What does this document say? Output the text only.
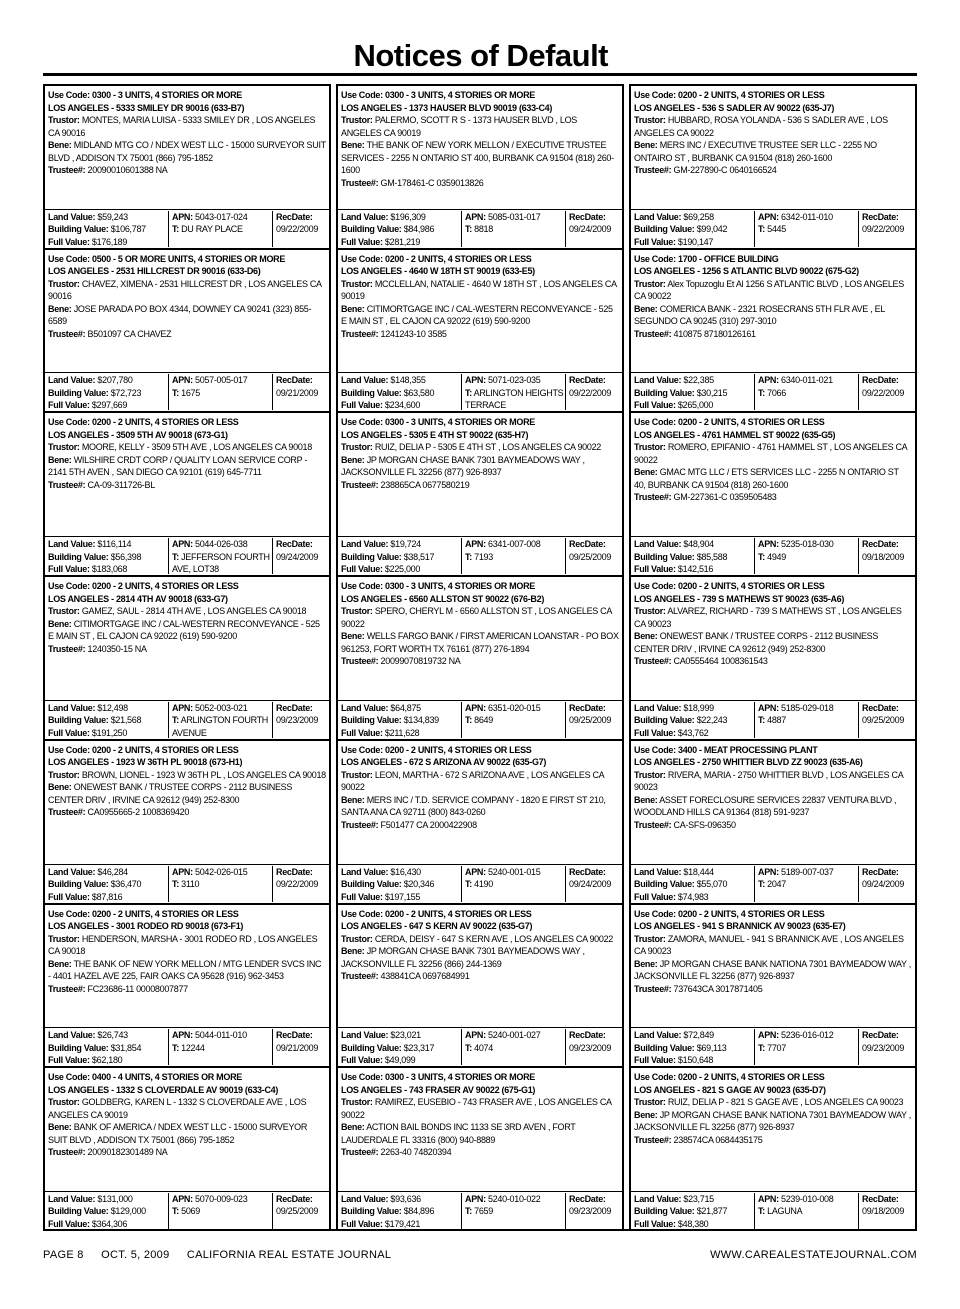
Notices of Default
Use Code: 0300 - 3 UNITS, 4 STORIES OR MORE
LOS ANGELES - 5333 SMILEY DR 90016 (633-B7)
Trustor: MONTES, MARIA LUISA - 5333 SMILEY DR , LOS ANGELES CA 90016
Bene: MIDLAND MTG CO / NDEX WEST LLC - 15000 SURVEYOR SUIT BLVD , ADDISON TX 75001 (866) 795-1852
Trustee#: 20090010601388 NA
Land Value: $59,243
Building Value: $106,787
Full Value: $176,189
APN: 5043-017-024
T: DU RAY PLACE
RecDate:
09/22/2009
Use Code: 0500 - 5 OR MORE UNITS, 4 STORIES OR MORE
LOS ANGELES - 2531 HILLCREST DR 90016 (633-D6)
Trustor: CHAVEZ, XIMENA - 2531 HILLCREST DR , LOS ANGELES CA 90016
Bene: JOSE PARADA PO BOX 4344, DOWNEY CA 90241 (323) 855-6589
Trustee#: B501097 CA CHAVEZ
Land Value: $207,780
Building Value: $72,723
Full Value: $297,669
APN: 5057-005-017
T: 1675
RecDate:
09/21/2009
Use Code: 0200 - 2 UNITS, 4 STORIES OR LESS
LOS ANGELES - 3509 5TH AV 90018 (673-G1)
Trustor: MOORE, KELLY - 3509 5TH AVE , LOS ANGELES CA 90018
Bene: WILSHIRE CRDT CORP / QUALITY LOAN SERVICE CORP - 2141 5TH AVEN , SAN DIEGO CA 92101 (619) 645-7711
Trustee#: CA-09-311726-BL
Land Value: $116,114
Building Value: $56,398
Full Value: $183,068
APN: 5044-026-038
T: JEFFERSON FOURTH AVE, LOT38
RecDate:
09/24/2009
Use Code: 0200 - 2 UNITS, 4 STORIES OR LESS
LOS ANGELES - 2814 4TH AV 90018 (633-G7)
Trustor: GAMEZ, SAUL - 2814 4TH AVE , LOS ANGELES CA 90018
Bene: CITIMORTGAGE INC / CAL-WESTERN RECONVEYANCE - 525 E MAIN ST , EL CAJON CA 92022 (619) 590-9200
Trustee#: 1240350-15 NA
Land Value: $12,498
Building Value: $21,568
Full Value: $191,250
APN: 5052-003-021
T: ARLINGTON FOURTH AVENUE
RecDate:
09/23/2009
Use Code: 0200 - 2 UNITS, 4 STORIES OR LESS
LOS ANGELES - 1923 W 36TH PL 90018 (673-H1)
Trustor: BROWN, LIONEL - 1923 W 36TH PL , LOS ANGELES CA 90018
Bene: ONEWEST BANK / TRUSTEE CORPS - 2112 BUSINESS CENTER DRIV , IRVINE CA 92612 (949) 252-8300
Trustee#: CA0955665-2 1008369420
Land Value: $46,284
Building Value: $36,470
Full Value: $87,816
APN: 5042-026-015
T: 3110
RecDate:
09/22/2009
Use Code: 0200 - 2 UNITS, 4 STORIES OR LESS
LOS ANGELES - 3001 RODEO RD 90018 (673-F1)
Trustor: HENDERSON, MARSHA - 3001 RODEO RD , LOS ANGELES CA 90018
Bene: THE BANK OF NEW YORK MELLON / MTG LENDER SVCS INC - 4401 HAZEL AVE 225, FAIR OAKS CA 95628 (916) 962-3453
Trustee#: FC23686-11 00008007877
Land Value: $26,743
Building Value: $31,854
Full Value: $62,180
APN: 5044-011-010
T: 12244
RecDate:
09/21/2009
Use Code: 0400 - 4 UNITS, 4 STORIES OR MORE
LOS ANGELES - 1332 S CLOVERDALE AV 90019 (633-C4)
Trustor: GOLDBERG, KAREN L - 1332 S CLOVERDALE AVE , LOS ANGELES CA 90019
Bene: BANK OF AMERICA / NDEX WEST LLC - 15000 SURVEYOR SUIT BLVD , ADDISON TX 75001 (866) 795-1852
Trustee#: 20090182301489 NA
Land Value: $131,000
Building Value: $129,000
Full Value: $364,306
APN: 5070-009-023
T: 5069
RecDate:
09/25/2009
Use Code: 0300 - 3 UNITS, 4 STORIES OR MORE
LOS ANGELES - 1373 HAUSER BLVD 90019 (633-C4)
Trustor: PALERMO, SCOTT R S - 1373 HAUSER BLVD , LOS ANGELES CA 90019
Bene: THE BANK OF NEW YORK MELLON / EXECUTIVE TRUSTEE SERVICES - 2255 N ONTARIO ST 400, BURBANK CA 91504 (818) 260-1600
Trustee#: GM-178461-C 0359013826
Land Value: $196,309
Building Value: $84,986
Full Value: $281,219
APN: 5085-031-017
T: 8818
RecDate:
09/24/2009
Use Code: 0200 - 2 UNITS, 4 STORIES OR LESS
LOS ANGELES - 4640 W 18TH ST 90019 (633-E5)
Trustor: MCCLELLAN, NATALIE - 4640 W 18TH ST , LOS ANGELES CA 90019
Bene: CITIMORTGAGE INC / CAL-WESTERN RECONVEYANCE - 525 E MAIN ST , EL CAJON CA 92022 (619) 590-9200
Trustee#: 1241243-10 3585
Land Value: $148,355
Building Value: $63,580
Full Value: $234,600
APN: 5071-023-035
T: ARLINGTON HEIGHTS TERRACE
RecDate:
09/22/2009
Use Code: 0300 - 3 UNITS, 4 STORIES OR MORE
LOS ANGELES - 5305 E 4TH ST 90022 (635-H7)
Trustor: RUIZ, DELIA P - 5305 E 4TH ST , LOS ANGELES CA 90022
Bene: JP MORGAN CHASE BANK 7301 BAYMEADOWS WAY , JACKSONVILLE FL 32256 (877) 926-8937
Trustee#: 238865CA 0677580219
Land Value: $19,724
Building Value: $38,517
Full Value: $225,000
APN: 6341-007-008
T: 7193
RecDate:
09/25/2009
Use Code: 0300 - 3 UNITS, 4 STORIES OR MORE
LOS ANGELES - 6560 ALLSTON ST 90022 (676-B2)
Trustor: SPERO, CHERYL M - 6560 ALLSTON ST , LOS ANGELES CA 90022
Bene: WELLS FARGO BANK / FIRST AMERICAN LOANSTAR - PO BOX 961253, FORT WORTH TX 76161 (877) 276-1894
Trustee#: 20099070819732 NA
Land Value: $64,875
Building Value: $134,839
Full Value: $211,628
APN: 6351-020-015
T: 8649
RecDate:
09/25/2009
Use Code: 0200 - 2 UNITS, 4 STORIES OR LESS
LOS ANGELES - 672 S ARIZONA AV 90022 (635-G7)
Trustor: LEON, MARTHA - 672 S ARIZONA AVE , LOS ANGELES CA 90022
Bene: MERS INC / T.D. SERVICE COMPANY - 1820 E FIRST ST 210, SANTA ANA CA 92711 (800) 843-0260
Trustee#: F501477 CA 2000422908
Land Value: $16,430
Building Value: $20,346
Full Value: $197,155
APN: 5240-001-015
T: 4190
RecDate:
09/24/2009
Use Code: 0200 - 2 UNITS, 4 STORIES OR LESS
LOS ANGELES - 647 S KERN AV 90022 (635-G7)
Trustor: CERDA, DEISY - 647 S KERN AVE , LOS ANGELES CA 90022
Bene: JP MORGAN CHASE BANK 7301 BAYMEADOWS WAY , JACKSONVILLE FL 32256 (866) 244-1369
Trustee#: 438841CA 0697684991
Land Value: $23,021
Building Value: $23,317
Full Value: $49,099
APN: 5240-001-027
T: 4074
RecDate:
09/23/2009
Use Code: 0300 - 3 UNITS, 4 STORIES OR MORE
LOS ANGELES - 743 FRASER AV 90022 (675-G1)
Trustor: RAMIREZ, EUSEBIO - 743 FRASER AVE , LOS ANGELES CA 90022
Bene: ACTION BAIL BONDS INC 1133 SE 3RD AVEN , FORT LAUDERDALE FL 33316 (800) 940-8889
Trustee#: 2263-40 74820394
Land Value: $93,636
Building Value: $84,896
Full Value: $179,421
APN: 5240-010-022
T: 7659
RecDate:
09/23/2009
Use Code: 0200 - 2 UNITS, 4 STORIES OR LESS
LOS ANGELES - 536 S SADLER AV 90022 (635-J7)
Trustor: HUBBARD, ROSA YOLANDA - 536 S SADLER AVE , LOS ANGELES CA 90022
Bene: MERS INC / EXECUTIVE TRUSTEE SER LLC - 2255 NO ONTAIRO ST , BURBANK CA 91504 (818) 260-1600
Trustee#: GM-227890-C 0640166524
Land Value: $69,258
Building Value: $99,042
Full Value: $190,147
APN: 6342-011-010
T: 5445
RecDate:
09/22/2009
Use Code: 1700 - OFFICE BUILDING
LOS ANGELES - 1256 S ATLANTIC BLVD 90022 (675-G2)
Trustor: Alex Topuzoglu Et Al 1256 S ATLANTIC BLVD , LOS ANGELES CA 90022
Bene: COMERICA BANK - 2321 ROSECRANS 5TH FLR AVE , EL SEGUNDO CA 90245 (310) 297-3010
Trustee#: 410875 87180126161
Land Value: $22,385
Building Value: $30,215
Full Value: $265,000
APN: 6340-011-021
T: 7066
RecDate:
09/22/2009
Use Code: 0200 - 2 UNITS, 4 STORIES OR LESS
LOS ANGELES - 4761 HAMMEL ST 90022 (635-G5)
Trustor: ROMERO, EPIFANIO - 4761 HAMMEL ST , LOS ANGELES CA 90022
Bene: GMAC MTG LLC / ETS SERVICES LLC - 2255 N ONTARIO ST 40, BURBANK CA 91504 (818) 260-1600
Trustee#: GM-227361-C 0359505483
Land Value: $48,904
Building Value: $85,588
Full Value: $142,516
APN: 5235-018-030
T: 4949
RecDate:
09/18/2009
Use Code: 0200 - 2 UNITS, 4 STORIES OR LESS
LOS ANGELES - 739 S MATHEWS ST 90023 (635-A6)
Trustor: ALVAREZ, RICHARD - 739 S MATHEWS ST , LOS ANGELES CA 90023
Bene: ONEWEST BANK / TRUSTEE CORPS - 2112 BUSINESS CENTER DRIV , IRVINE CA 92612 (949) 252-8300
Trustee#: CA0555464 1008361543
Land Value: $18,999
Building Value: $22,243
Full Value: $43,762
APN: 5185-029-018
T: 4887
RecDate:
09/25/2009
Use Code: 3400 - MEAT PROCESSING PLANT
LOS ANGELES - 2750 WHITTIER BLVD ZZ 90023 (635-A6)
Trustor: RIVERA, MARIA - 2750 WHITTIER BLVD , LOS ANGELES CA 90023
Bene: ASSET FORECLOSURE SERVICES 22837 VENTURA BLVD , WOODLAND HILLS CA 91364 (818) 591-9237
Trustee#: CA-SFS-096350
Land Value: $18,444
Building Value: $55,070
Full Value: $74,983
APN: 5189-007-037
T: 2047
RecDate:
09/24/2009
Use Code: 0200 - 2 UNITS, 4 STORIES OR LESS
LOS ANGELES - 941 S BRANNICK AV 90023 (635-E7)
Trustor: ZAMORA, MANUEL - 941 S BRANNICK AVE , LOS ANGELES CA 90023
Bene: JP MORGAN CHASE BANK NATIONA 7301 BAYMEADOW WAY , JACKSONVILLE FL 32256 (877) 926-8937
Trustee#: 737643CA 3017871405
Land Value: $72,849
Building Value: $69,113
Full Value: $150,648
APN: 5236-016-012
T: 7707
RecDate:
09/23/2009
Use Code: 0200 - 2 UNITS, 4 STORIES OR LESS
LOS ANGELES - 821 S GAGE AV 90023 (635-D7)
Trustor: RUIZ, DELIA P - 821 S GAGE AVE , LOS ANGELES CA 90023
Bene: JP MORGAN CHASE BANK NATIONA 7301 BAYMEADOW WAY , JACKSONVILLE FL 32256 (877) 926-8937
Trustee#: 238574CA 0684435175
Land Value: $23,715
Building Value: $21,877
Full Value: $48,380
APN: 5239-010-008
T: LAGUNA
RecDate:
09/18/2009
PAGE 8 OCT. 5, 2009 CALIFORNIA REAL ESTATE JOURNAL	WWW.CAREALESTATEJOURNAL.COM
